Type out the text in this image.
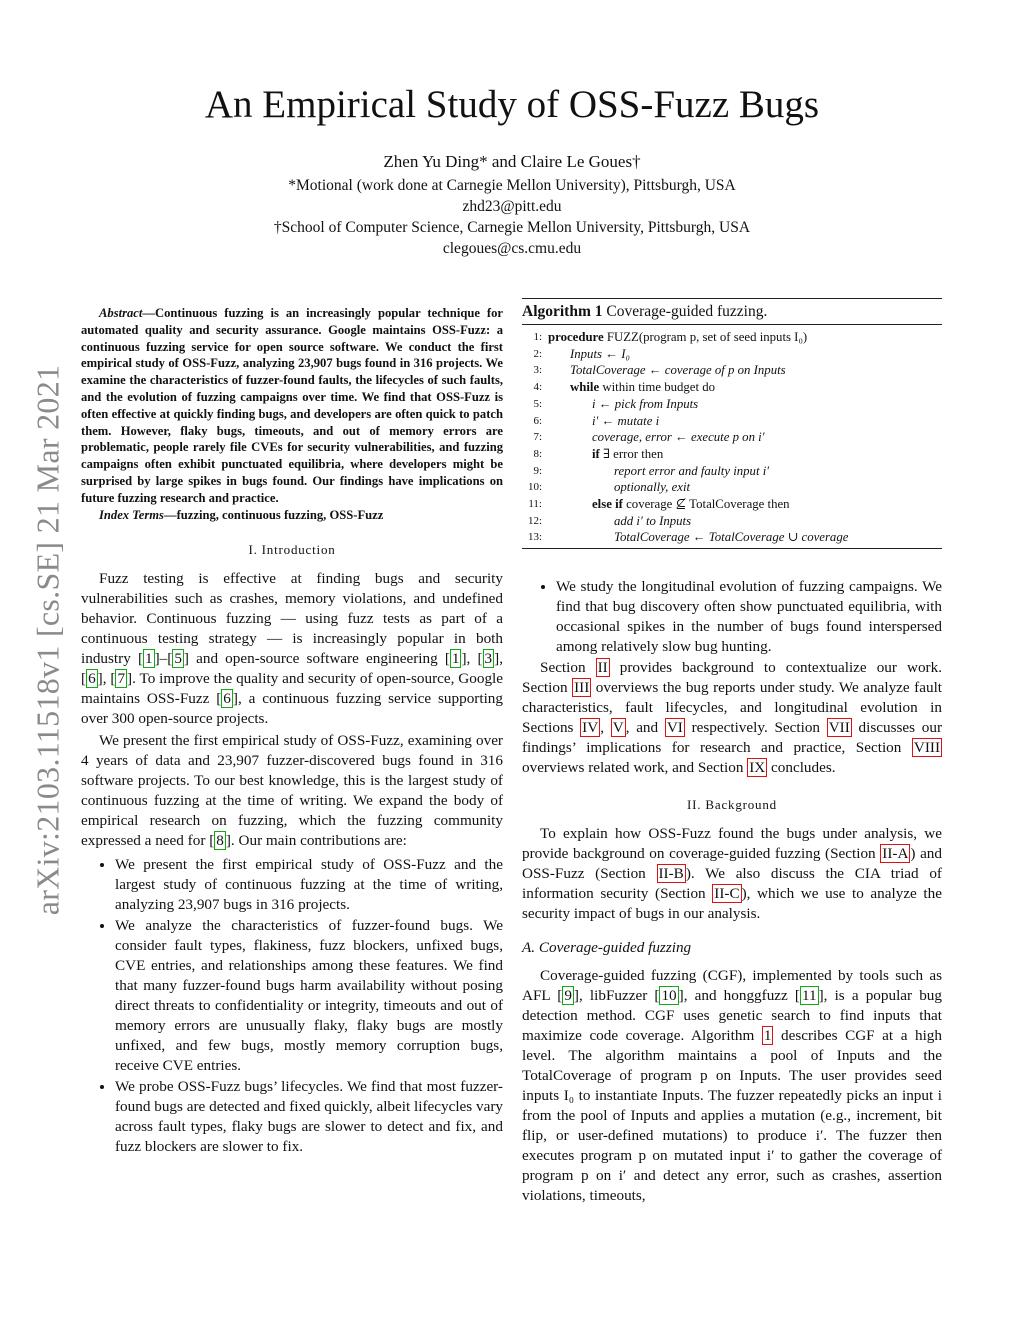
arXiv:2103.11518v1 [cs.SE] 21 Mar 2021
An Empirical Study of OSS-Fuzz Bugs
Zhen Yu Ding* and Claire Le Goues†
*Motional (work done at Carnegie Mellon University), Pittsburgh, USA
zhd23@pitt.edu
†School of Computer Science, Carnegie Mellon University, Pittsburgh, USA
clegoues@cs.cmu.edu

Abstract—Continuous fuzzing is an increasingly popular technique for automated quality and security assurance. Google maintains OSS-Fuzz: a continuous fuzzing service for open source software. We conduct the first empirical study of OSS-Fuzz, analyzing 23,907 bugs found in 316 projects. We examine the characteristics of fuzzer-found faults, the lifecycles of such faults, and the evolution of fuzzing campaigns over time. We find that OSS-Fuzz is often effective at quickly finding bugs, and developers are often quick to patch them. However, flaky bugs, timeouts, and out of memory errors are problematic, people rarely file CVEs for security vulnerabilities, and fuzzing campaigns often exhibit punctuated equilibria, where developers might be surprised by large spikes in bugs found. Our findings have implications on future fuzzing research and practice.

Index Terms—fuzzing, continuous fuzzing, OSS-Fuzz

I. Introduction

Fuzz testing is effective at finding bugs and security vulnerabilities such as crashes, memory violations, and undefined behavior. Continuous fuzzing — using fuzz tests as part of a continuous testing strategy — is increasingly popular in both industry [ 1 ]–[ 5 ] and open-source software engineering [ 1 ], [ 3 ], [ 6 ], [ 7 ]. To improve the quality and security of open-source, Google maintains OSS-Fuzz [ 6 ], a continuous fuzzing service supporting over 300 open-source projects.

We present the first empirical study of OSS-Fuzz, examining over 4 years of data and 23,907 fuzzer-discovered bugs found in 316 software projects. To our best knowledge, this is the largest study of continuous fuzzing at the time of writing. We expand the body of empirical research on fuzzing, which the fuzzing community expressed a need for [ 8 ]. Our main contributions are:

• We present the first empirical study of OSS-Fuzz and the largest study of continuous fuzzing at the time of writing, analyzing 23,907 bugs in 316 projects.
• We analyze the characteristics of fuzzer-found bugs. We consider fault types, flakiness, fuzz blockers, unfixed bugs, CVE entries, and relationships among these features. We find that many fuzzer-found bugs harm availability without posing direct threats to confidentiality or integrity, timeouts and out of memory errors are unusually flaky, flaky bugs are mostly unfixed, and few bugs, mostly memory corruption bugs, receive CVE entries.
• We probe OSS-Fuzz bugs’ lifecycles. We find that most fuzzer-found bugs are detected and fixed quickly, albeit lifecycles vary across fault types, flaky bugs are slower to detect and fix, and fuzz blockers are slower to fix.
Algorithm 1 Coverage-guided fuzzing.
1: procedure FUZZ(program p, set of seed inputs I₀)
2:	Inputs ← I₀
3:	TotalCoverage ← coverage of p on Inputs
4:	while within time budget do
5:	i ← pick from Inputs
6:	i′ ← mutate i
7:	coverage, error ← execute p on i′
8:	if ∃ error then
9:	report error and faulty input i′
10:	optionally, exit
11:	else if coverage ⊈ TotalCoverage then
12:	add i′ to Inputs
13:	TotalCoverage ← TotalCoverage ∪ coverage
• We study the longitudinal evolution of fuzzing campaigns. We find that bug discovery often show punctuated equilibria, with occasional spikes in the number of bugs found interspersed among relatively slow bug hunting.

Section II provides background to contextualize our work. Section III overviews the bug reports under study. We analyze fault characteristics, fault lifecycles, and longitudinal evolution in Sections IV , V , and VI respectively. Section VII discusses our findings’ implications for research and practice, Section VIII overviews related work, and Section IX concludes.

II. Background

To explain how OSS-Fuzz found the bugs under analysis, we provide background on coverage-guided fuzzing (Section II-A ) and OSS-Fuzz (Section II-B ). We also discuss the CIA triad of information security (Section II-C ), which we use to analyze the security impact of bugs in our analysis.

A. Coverage-guided fuzzing

Coverage-guided fuzzing (CGF), implemented by tools such as AFL [ 9 ], libFuzzer [ 10 ], and honggfuzz [ 11 ], is a popular bug detection method. CGF uses genetic search to find inputs that maximize code coverage. Algorithm 1 describes CGF at a high level. The algorithm maintains a pool of Inputs and the TotalCoverage of program p on Inputs. The user provides seed inputs I₀ to instantiate Inputs. The fuzzer repeatedly picks an input i from the pool of Inputs and applies a mutation (e.g., increment, bit flip, or user-defined mutations) to produce i′. The fuzzer then executes program p on mutated input i′ to gather the coverage of program p on i′ and detect any error, such as crashes, assertion violations, timeouts,
